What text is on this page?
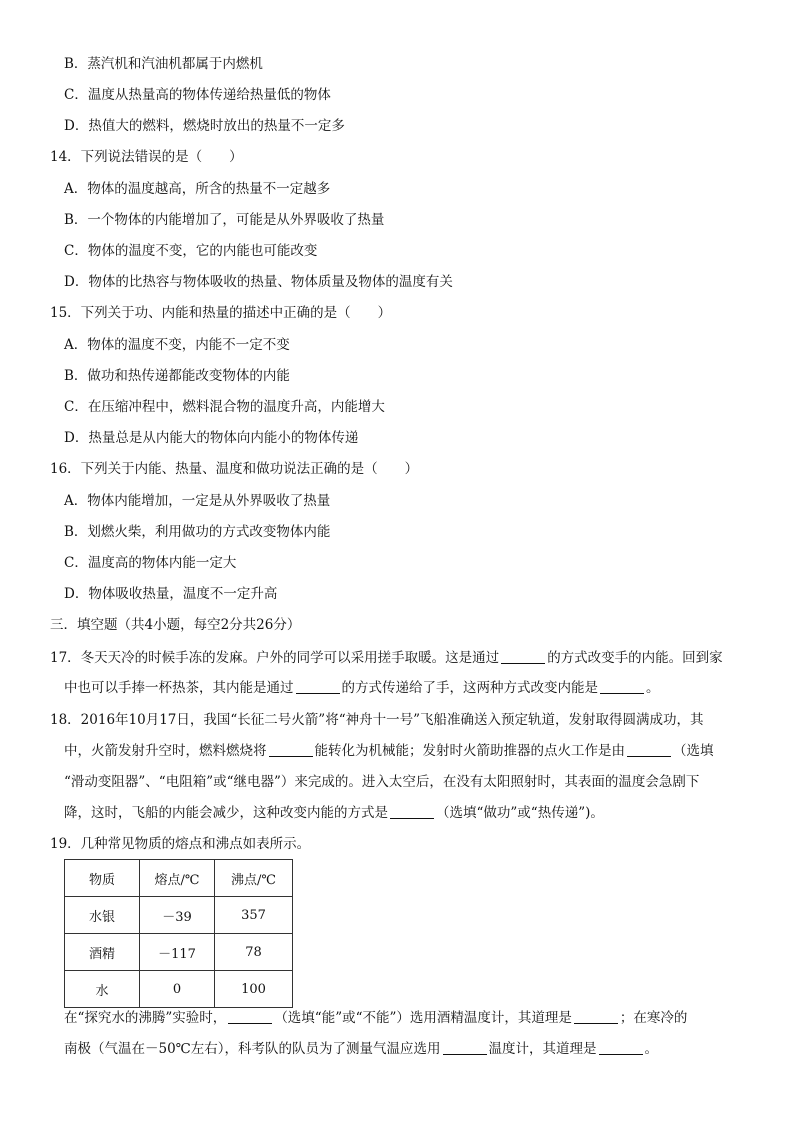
B．蒸汽机和汽油机都属于内燃机
C．温度从热量高的物体传递给热量低的物体
D．热值大的燃料，燃烧时放出的热量不一定多
14．下列说法错误的是（　　）
A．物体的温度越高，所含的热量不一定越多
B．一个物体的内能增加了，可能是从外界吸收了热量
C．物体的温度不变，它的内能也可能改变
D．物体的比热容与物体吸收的热量、物体质量及物体的温度有关
15．下列关于功、内能和热量的描述中正确的是（　　）
A．物体的温度不变，内能不一定不变
B．做功和热传递都能改变物体的内能
C．在压缩冲程中，燃料混合物的温度升高，内能增大
D．热量总是从内能大的物体向内能小的物体传递
16．下列关于内能、热量、温度和做功说法正确的是（　　）
A．物体内能增加，一定是从外界吸收了热量
B．划燃火柴，利用做功的方式改变物体内能
C．温度高的物体内能一定大
D．物体吸收热量，温度不一定升高
三．填空题（共4小题，每空2分共26分）
17．冬天天冷的时候手冻的发麻。户外的同学可以采用搓手取暖。这是通过	的方式改变手的内能。回到家
中也可以手捧一杯热茶，其内能是通过	的方式传递给了手，这两种方式改变内能是	。
18．2016年10月17日，我国“长征二号火箭”将“神舟十一号”飞船准确送入预定轨道，发射取得圆满成功，其
中，火箭发射升空时，燃料燃烧将	能转化为机械能；发射时火箭助推器的点火工作是由	（选填
“滑动变阻器”、“电阻箱”或“继电器”）来完成的。进入太空后，在没有太阳照射时，其表面的温度会急剧下
降，这时，飞船的内能会减少，这种改变内能的方式是	（选填“做功”或“热传递”)。
19．几种常见物质的熔点和沸点如表所示。
物质	熔点/℃	沸点/℃
水银	－39	357
酒精	－117	78
水	0	100
在“探究水的沸腾”实验时，	（选填“能”或“不能”）选用酒精温度计，其道理是	；在寒冷的
南极（气温在－50℃左右），科考队的队员为了测量气温应选用	温度计，其道理是	。
